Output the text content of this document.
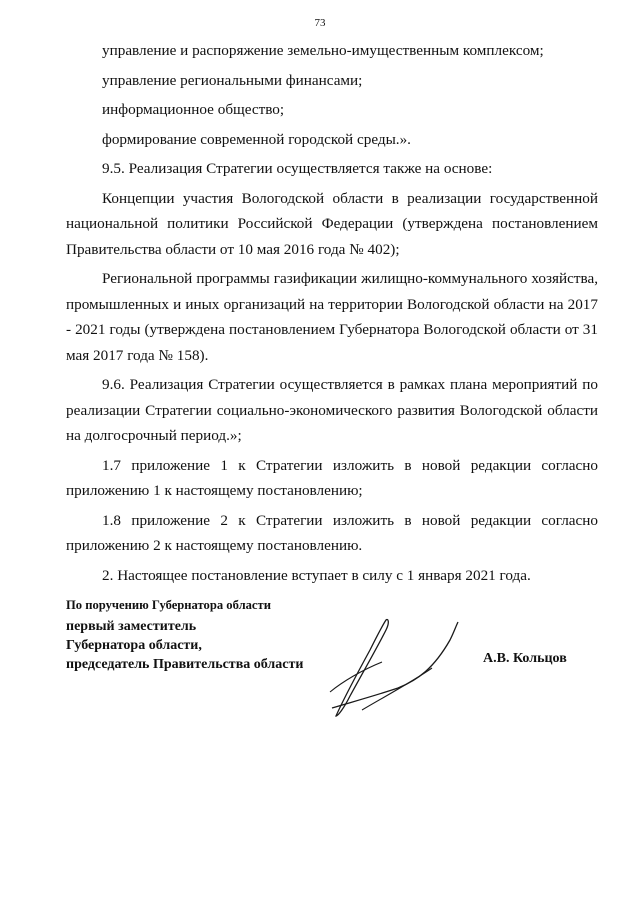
73

управление и распоряжение земельно-имущественным комплексом;

управление региональными финансами;

информационное общество;

формирование современной городской среды.».

9.5. Реализация Стратегии осуществляется также на основе:

Концепции участия Вологодской области в реализации государственной национальной политики Российской Федерации (утверждена постановлением Правительства области от 10 мая 2016 года № 402);

Региональной программы газификации жилищно-коммунального хозяйства, промышленных и иных организаций на территории Вологодской области на 2017 - 2021 годы (утверждена постановлением Губернатора Вологодской области от 31 мая 2017 года № 158).

9.6. Реализация Стратегии осуществляется в рамках плана мероприятий по реализации Стратегии социально-экономического развития Вологодской области на долгосрочный период.»;

1.7 приложение 1 к Стратегии изложить в новой редакции согласно приложению 1 к настоящему постановлению;

1.8 приложение 2 к Стратегии изложить в новой редакции согласно приложению 2 к настоящему постановлению.

2. Настоящее постановление вступает в силу с 1 января 2021 года.

По поручению Губернатора области
первый заместитель
Губернатора области,
председатель Правительства области	А.В. Кольцов
